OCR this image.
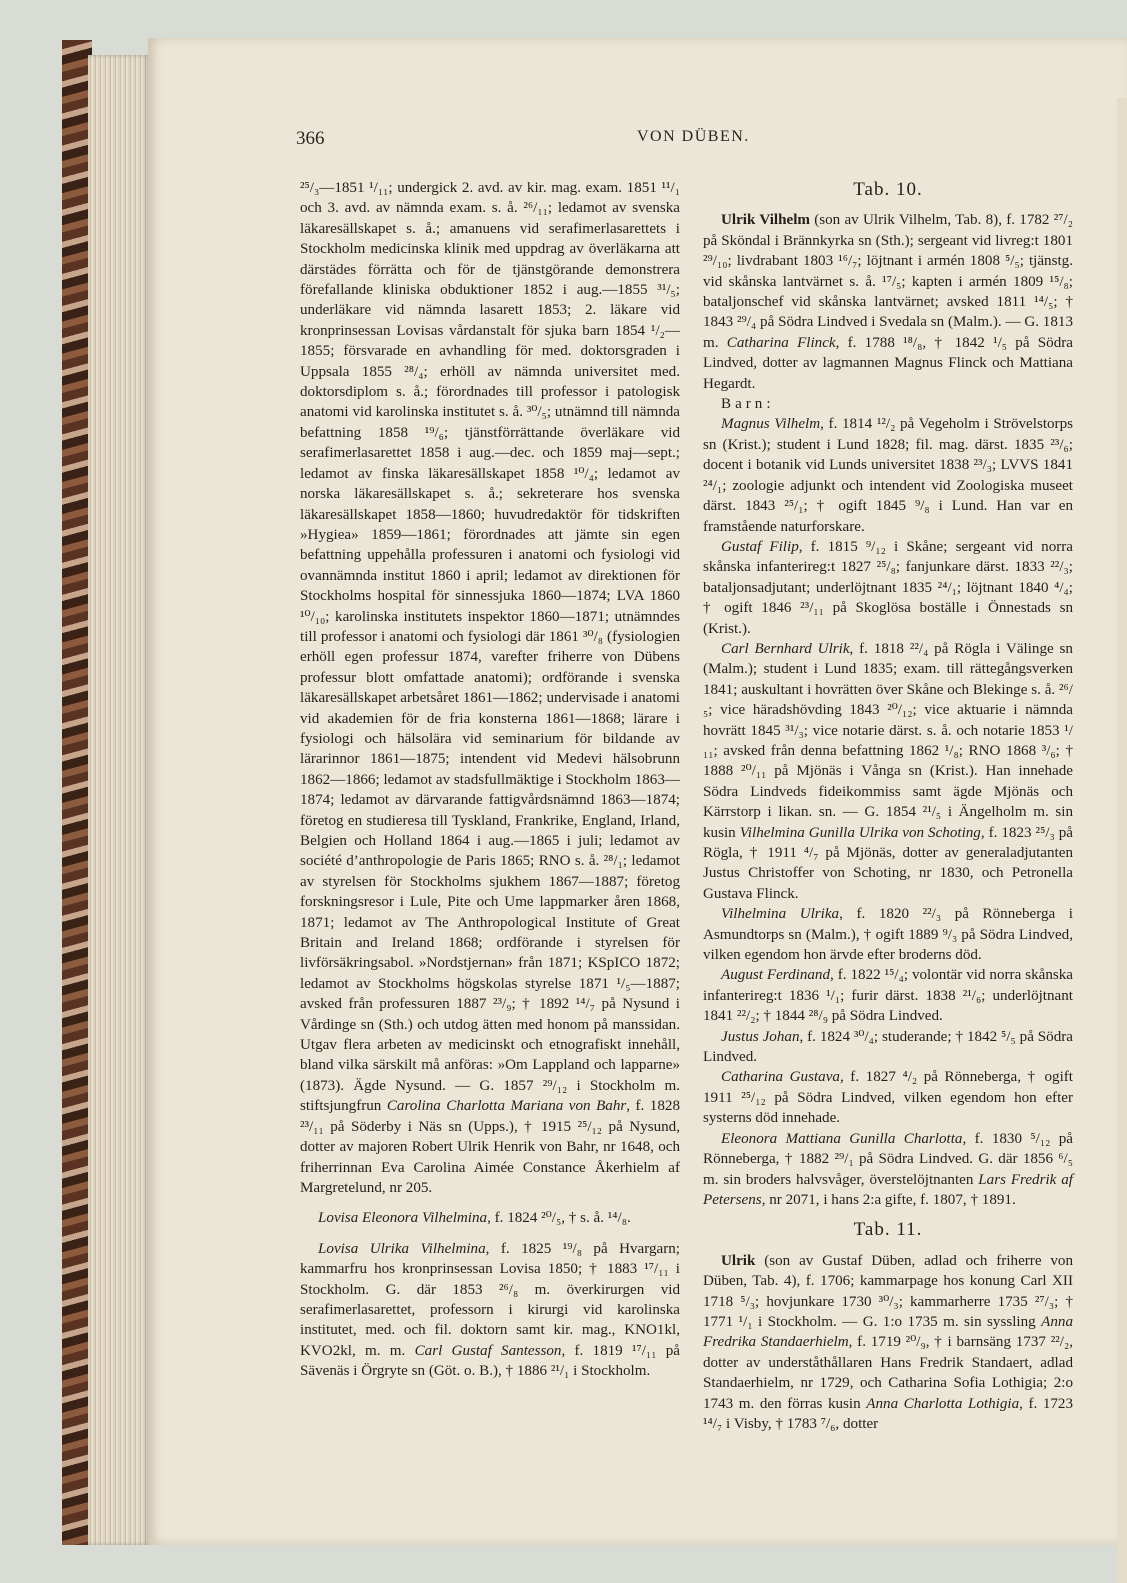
366	VON DÜBEN.

²⁵/₃—1851 ¹/₁₁; undergick 2. avd. av kir. mag. exam. 1851 ¹¹/₁ och 3. avd. av nämnda exam. s. å. ²⁶/₁₁; ledamot av svenska läkaresällskapet s. å.; amanuens vid serafimerlasarettets i Stockholm medicinska klinik med uppdrag av överläkarna att därstädes förrätta och för de tjänstgörande demonstrera förefallande kliniska obduktioner 1852 i aug.—1855 ³¹/₅; underläkare vid nämnda lasarett 1853; 2. läkare vid kronprinsessan Lovisas vårdanstalt för sjuka barn 1854 ¹/₂—1855; försvarade en avhandling för med. doktorsgraden i Uppsala 1855 ²⁸/₄; erhöll av nämnda universitet med. doktorsdiplom s. å.; förordnades till professor i patologisk anatomi vid karolinska institutet s. å. ³⁰/₅; utnämnd till nämnda befattning 1858 ¹⁹/₆; tjänstförrättande överläkare vid serafimerlasarettet 1858 i aug.—dec. och 1859 maj—sept.; ledamot av finska läkaresällskapet 1858 ¹⁰/₄; ledamot av norska läkaresällskapet s. å.; sekreterare hos svenska läkaresällskapet 1858—1860; huvudredaktör för tidskriften »Hygiea» 1859—1861; förordnades att jämte sin egen befattning uppehålla professuren i anatomi och fysiologi vid ovannämnda institut 1860 i april; ledamot av direktionen för Stockholms hospital för sinnessjuka 1860—1874; LVA 1860 ¹⁰/₁₀; karolinska institutets inspektor 1860—1871; utnämndes till professor i anatomi och fysiologi där 1861 ³⁰/₈ (fysiologien erhöll egen professur 1874, varefter friherre von Dübens professur blott omfattade anatomi); ordförande i svenska läkaresällskapet arbetsåret 1861—1862; undervisade i anatomi vid akademien för de fria konsterna 1861—1868; lärare i fysiologi och hälsolära vid seminarium för bildande av lärarinnor 1861—1875; intendent vid Medevi hälsobrunn 1862—1866; ledamot av stadsfullmäktige i Stockholm 1863—1874; ledamot av därvarande fattigvårdsnämnd 1863—1874; företog en studieresa till Tyskland, Frankrike, England, Irland, Belgien och Holland 1864 i aug.—1865 i juli; ledamot av société d’anthropologie de Paris 1865; RNO s. å. ²⁸/₁; ledamot av styrelsen för Stockholms sjukhem 1867—1887; företog forskningsresor i Lule, Pite och Ume lappmarker åren 1868, 1871; ledamot av The Anthropological Institute of Great Britain and Ireland 1868; ordförande i styrelsen för livförsäkringsabol. »Nordstjernan» från 1871; KSpICO 1872; ledamot av Stockholms högskolas styrelse 1871 ¹/₅—1887; avsked från professuren 1887 ²³/₉; † 1892 ¹⁴/₇ på Nysund i Vårdinge sn (Sth.) och utdog ätten med honom på manssidan. Utgav flera arbeten av medicinskt och etnografiskt innehåll, bland vilka särskilt må anföras: »Om Lappland och lapparne» (1873). Ägde Nysund. — G. 1857 ²⁹/₁₂ i Stockholm m. stiftsjungfrun Carolina Charlotta Mariana von Bahr, f. 1828 ²³/₁₁ på Söderby i Näs sn (Upps.), † 1915 ²⁵/₁₂ på Nysund, dotter av majoren Robert Ulrik Henrik von Bahr, nr 1648, och friherrinnan Eva Carolina Aimée Constance Åkerhielm af Margretelund, nr 205.

Lovisa Eleonora Vilhelmina, f. 1824 ²⁰/₅, † s. å. ¹⁴/₈.

Lovisa Ulrika Vilhelmina, f. 1825 ¹⁹/₈ på Hvargarn; kammarfru hos kronprinsessan Lovisa 1850; † 1883 ¹⁷/₁₁ i Stockholm. G. där 1853 ²⁶/₈ m. överkirurgen vid serafimerlasarettet, professorn i kirurgi vid karolinska institutet, med. och fil. doktorn samt kir. mag., KNO1kl, KVO2kl, m. m. Carl Gustaf Santesson, f. 1819 ¹⁷/₁₁ på Sävenäs i Örgryte sn (Göt. o. B.), † 1886 ²¹/₁ i Stockholm.

Tab. 10.

Ulrik Vilhelm (son av Ulrik Vilhelm, Tab. 8), f. 1782 ²⁷/₂ på Sköndal i Brännkyrka sn (Sth.); sergeant vid livreg:t 1801 ²⁹/₁₀; livdrabant 1803 ¹⁶/₇; löjtnant i armén 1808 ⁵/₅; tjänstg. vid skånska lantvärnet s. å. ¹⁷/₅; kapten i armén 1809 ¹⁵/₈; bataljonschef vid skånska lantvärnet; avsked 1811 ¹⁴/₅; † 1843 ²⁹/₄ på Södra Lindved i Svedala sn (Malm.). — G. 1813 m. Catharina Flinck, f. 1788 ¹⁸/₈, † 1842 ¹/₅ på Södra Lindved, dotter av lagmannen Magnus Flinck och Mattiana Hegardt.

Barn:

Magnus Vilhelm, f. 1814 ¹²/₂ på Vegeholm i Strövelstorps sn (Krist.); student i Lund 1828; fil. mag. därst. 1835 ²³/₆; docent i botanik vid Lunds universitet 1838 ²³/₃; LVVS 1841 ²⁴/₁; zoologie adjunkt och intendent vid Zoologiska museet därst. 1843 ²⁵/₁; † ogift 1845 ⁹/₈ i Lund. Han var en framstående naturforskare.

Gustaf Filip, f. 1815 ⁹/₁₂ i Skåne; sergeant vid norra skånska infanterireg:t 1827 ²⁵/₈; fanjunkare därst. 1833 ²²/₃; bataljonsadjutant; underlöjtnant 1835 ²⁴/₁; löjtnant 1840 ⁴/₄; † ogift 1846 ²³/₁₁ på Skoglösa boställe i Önnestads sn (Krist.).

Carl Bernhard Ulrik, f. 1818 ²²/₄ på Rögla i Välinge sn (Malm.); student i Lund 1835; exam. till rättegångsverken 1841; auskultant i hovrätten över Skåne och Blekinge s. å. ²⁶/₅; vice häradshövding 1843 ²⁰/₁₂; vice aktuarie i nämnda hovrätt 1845 ³¹/₃; vice notarie därst. s. å. och notarie 1853 ¹/₁₁; avsked från denna befattning 1862 ¹/₈; RNO 1868 ³/₆; † 1888 ²⁰/₁₁ på Mjönäs i Vånga sn (Krist.). Han innehade Södra Lindveds fideikommiss samt ägde Mjönäs och Kärrstorp i likan. sn. — G. 1854 ²¹/₅ i Ängelholm m. sin kusin Vilhelmina Gunilla Ulrika von Schoting, f. 1823 ²⁵/₃ på Rögla, † 1911 ⁴/₇ på Mjönäs, dotter av generaladjutanten Justus Christoffer von Schoting, nr 1830, och Petronella Gustava Flinck.

Vilhelmina Ulrika, f. 1820 ²²/₃ på Rönneberga i Asmundtorps sn (Malm.), † ogift 1889 ⁹/₃ på Södra Lindved, vilken egendom hon ärvde efter broderns död.

August Ferdinand, f. 1822 ¹⁵/₄; volontär vid norra skånska infanterireg:t 1836 ¹/₁; furir därst. 1838 ²¹/₆; underlöjtnant 1841 ²²/₂; † 1844 ²⁸/₉ på Södra Lindved.

Justus Johan, f. 1824 ³⁰/₄; studerande; † 1842 ⁵/₅ på Södra Lindved.

Catharina Gustava, f. 1827 ⁴/₂ på Rönneberga, † ogift 1911 ²⁵/₁₂ på Södra Lindved, vilken egendom hon efter systerns död innehade.

Eleonora Mattiana Gunilla Charlotta, f. 1830 ⁵/₁₂ på Rönneberga, † 1882 ²⁹/₁ på Södra Lindved. G. där 1856 ⁶/₅ m. sin broders halvsvåger, överstelöjtnanten Lars Fredrik af Petersens, nr 2071, i hans 2:a gifte, f. 1807, † 1891.

Tab. 11.

Ulrik (son av Gustaf Düben, adlad och friherre von Düben, Tab. 4), f. 1706; kammarpage hos konung Carl XII 1718 ⁵/₃; hovjunkare 1730 ³⁰/₃; kammarherre 1735 ²⁷/₃; † 1771 ¹/₁ i Stockholm. — G. 1:o 1735 m. sin syssling Anna Fredrika Standaerhielm, f. 1719 ²⁰/₉, † i barnsäng 1737 ²²/₂, dotter av underståthållaren Hans Fredrik Standaert, adlad Standaerhielm, nr 1729, och Catharina Sofia Lothigia; 2:o 1743 m. den förras kusin Anna Charlotta Lothigia, f. 1723 ¹⁴/₇ i Visby, † 1783 ⁷/₆, dotter
